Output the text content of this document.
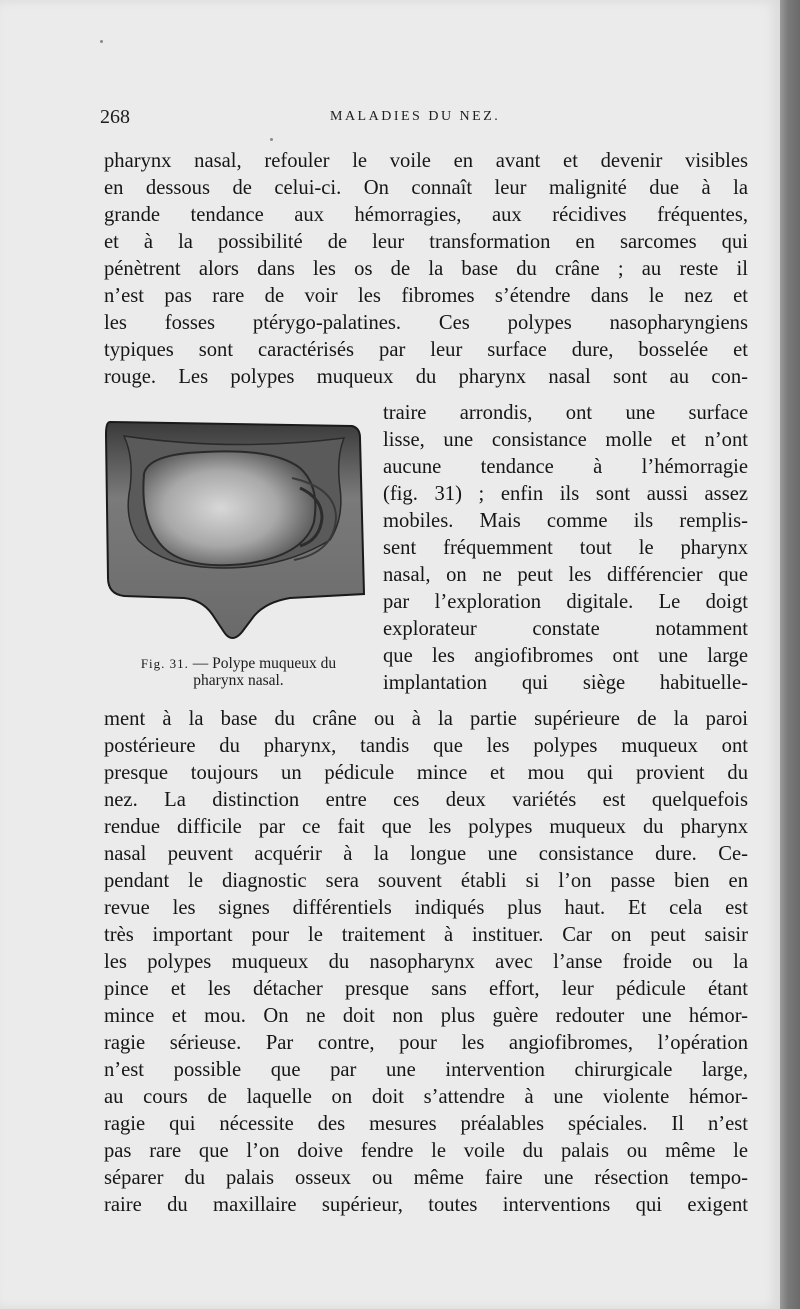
268	MALADIES DU NEZ.
pharynx nasal, refouler le voile en avant et devenir visibles
en dessous de celui-ci. On connaît leur malignité due à la
grande tendance aux hémorragies, aux récidives fréquentes,
et à la possibilité de leur transformation en sarcomes qui
pénètrent alors dans les os de la base du crâne ; au reste il
n’est pas rare de voir les fibromes s’étendre dans le nez et
les fosses ptérygo-palatines. Ces polypes nasopharyngiens
typiques sont caractérisés par leur surface dure, bosselée et
rouge. Les polypes muqueux du pharynx nasal sont au con-
Fig. 31. — Polype muqueux du pharynx nasal.
traire arrondis, ont une surface
lisse, une consistance molle et n’ont
aucune tendance à l’hémorragie
(fig. 31) ; enfin ils sont aussi assez
mobiles. Mais comme ils remplis-
sent fréquemment tout le pharynx
nasal, on ne peut les différencier que
par l’exploration digitale. Le doigt
explorateur constate notamment
que les angiofibromes ont une large
implantation qui siège habituelle-
ment à la base du crâne ou à la partie supérieure de la paroi
postérieure du pharynx, tandis que les polypes muqueux ont
presque toujours un pédicule mince et mou qui provient du
nez. La distinction entre ces deux variétés est quelquefois
rendue difficile par ce fait que les polypes muqueux du pharynx
nasal peuvent acquérir à la longue une consistance dure. Ce-
pendant le diagnostic sera souvent établi si l’on passe bien en
revue les signes différentiels indiqués plus haut. Et cela est
très important pour le traitement à instituer. Car on peut saisir
les polypes muqueux du nasopharynx avec l’anse froide ou la
pince et les détacher presque sans effort, leur pédicule étant
mince et mou. On ne doit non plus guère redouter une hémor-
ragie sérieuse. Par contre, pour les angiofibromes, l’opération
n’est possible que par une intervention chirurgicale large,
au cours de laquelle on doit s’attendre à une violente hémor-
ragie qui nécessite des mesures préalables spéciales. Il n’est
pas rare que l’on doive fendre le voile du palais ou même le
séparer du palais osseux ou même faire une résection tempo-
raire du maxillaire supérieur, toutes interventions qui exigent
